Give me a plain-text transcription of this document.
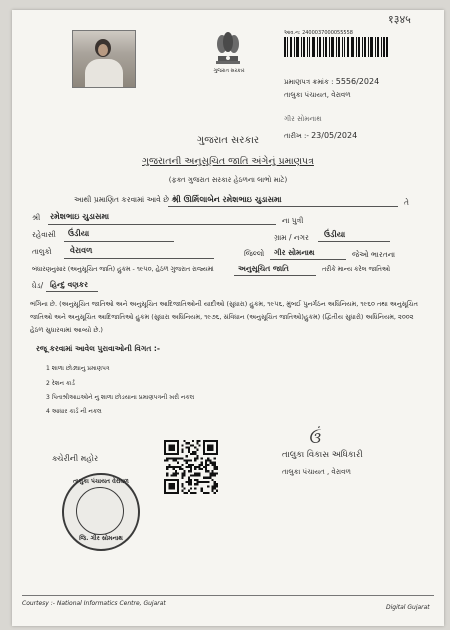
१३४५
ગુજરાત સરકાર
આવ.ન: 2400037000055558
પ્રમાણપત્ર ક્રમાંક : 5556/2024
તાલુકા પંચાયત, વેરાવળ
ગીર સોમનાથ
તારીખ :- 23/05/2024
ગુજરાત સરકાર
ગુજરાતની અનુસૂચિત જાતિ અંગેનું પ્રમાણપત્ર
(ફક્ત ગુજરાત સરકાર હેઠળના લાભો માટે)
આથી પ્રમાણિત કરવામાં આવે છે કે,
શ્રી ઊર્મિલાબેન રમેશભાઇ ચુડાસમા	તે
શ્રી રમેશભાઇ ચુડાસમા	ના પુત્રી
રહેવાસી ઉંડીયા	ગ્રામ / નગર ઉંડીયા
તાલુકો વેરાવળ	જિલ્લો ગીર સોમનાથ	જેઓ ભારતના
બંધારણનુસાર (અનુસૂચિત જાતિ) હુકમ - ૧૯૫૦, હેઠળ ગુજરાત રાજ્યમાં	અનુસૂચિત જાતિ	તરીકે માન્ય કરેલ જાતિઓ
ધેડ/ હિન્દુ વણકર
ભંગિના છે. (અનુસૂચિત જાતિઓ અને અનુસૂચિત આદિજાતિઓની યાદીઓ (સુધારા) હુકમ, ૧૯૫૬, મુંબઈ પુનર્ગઠન અધિનિયમ, ૧૯૬૦ તથા અનુસૂચિત જાતિઓ અને અનુસૂચિત આદિજાતિઓ હુકમ (સુધારા અધિનિયમ, ૧૯૭૬, સંવિધાન (અનુસૂચિત જાતિઓ)હુકમ) (દ્વિતીય સુધારો) અધિનિયમ, ૨૦૦૨ હેઠળ સુધારવામાં આવ્યો છે.)
રજૂ કરવામાં આવેલ પુરાવાઓની વિગત :-
1 શાળા છોડ્યાનુ પ્રમાણપત્ર
2 રેશન કાર્ડ
3 પિતાશ્રીઆઇઓને નુ શાળા છોડયાના પ્રમાણપત્રની ખરી નકલ
4 આધાર કાર્ડ ની નકલ
ઉં
તાલુકા વિકાસ અધિકારી
તાલુકા પંચાયત , વેરાવળ
ક્ચેરીની મહોર
તાલુકા પંચાયત વેરાવળ
જિ. ગીર સોમનાથ
Courtesy :- National Informatics Centre, Gujarat
Digital Gujarat
